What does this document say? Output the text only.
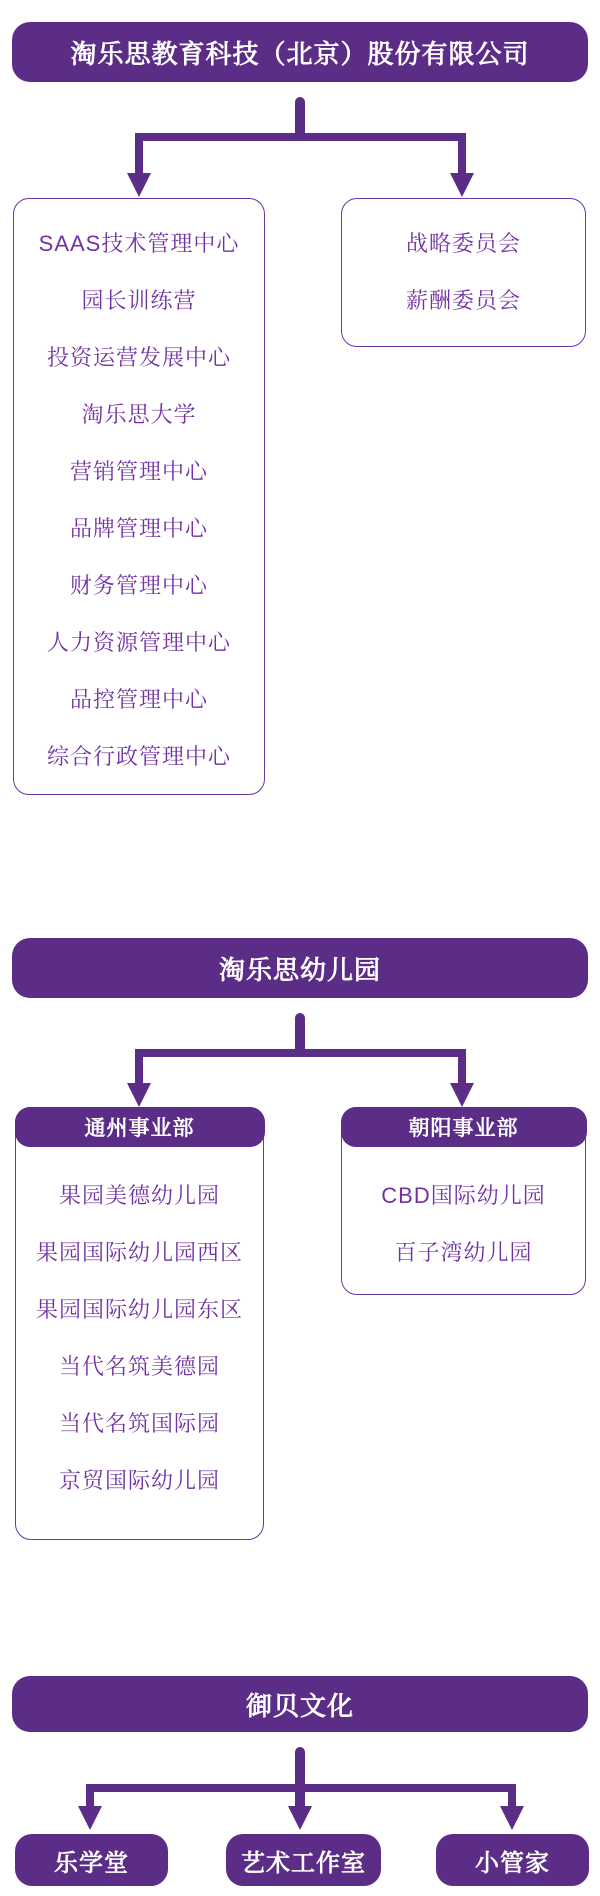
淘乐思教育科技（北京）股份有限公司
SAAS技术管理中心
园长训练营
投资运营发展中心
淘乐思大学
营销管理中心
品牌管理中心
财务管理中心
人力资源管理中心
品控管理中心
综合行政管理中心
战略委员会
薪酬委员会
淘乐思幼儿园
通州事业部
果园美德幼儿园
果园国际幼儿园西区
果园国际幼儿园东区
当代名筑美德园
当代名筑国际园
京贸国际幼儿园
朝阳事业部
CBD国际幼儿园
百子湾幼儿园
御贝文化
乐学堂	艺术工作室	小管家
